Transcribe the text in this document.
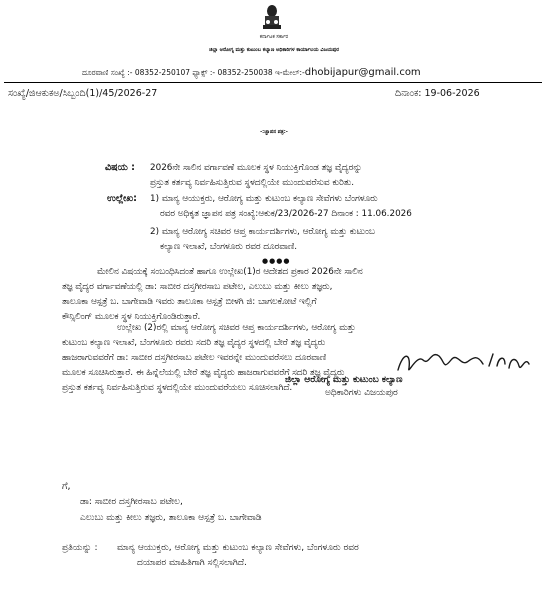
ಕರ್ನಾಟಕ ಸರ್ಕಾರ
ಜಿಲ್ಲಾ ಆರೋಗ್ಯ ಮತ್ತು ಕುಟುಂಬ ಕಲ್ಯಾಣ ಅಧಿಕಾರಿಗಳ ಕಾರ್ಯಾಲಯ ವಿಜಯಪುರ
ದೂರವಾಣಿ ಸಂಖ್ಯೆ :- 08352-250107 ಫ್ಯಾಕ್ಸ್ :- 08352-250038 ಇ-ಮೇಲ್:-dhobijapur@gmail.com
ಸಂಖ್ಯೆ/ಜಿಆಕುಕಅ/ಸಿಬ್ಬಂದಿ(1)/45/2026-27	ದಿನಾಂಕ: 19-06-2026
-:ಜ್ಞಾಪನ ಪತ್ರ:-
ವಿಷಯ : 2026ನೇ ಸಾಲಿನ ವರ್ಗಾವಣೆ ಮೂಲಕ ಸ್ಥಳ ನಿಯುಕ್ತಿಗೊಂಡ ತಜ್ಞ ವೈದ್ಯರನ್ನು
ಪ್ರಸ್ತುತ ಕರ್ತವ್ಯ ನಿರ್ವಹಿಸುತ್ತಿರುವ ಸ್ಥಳದಲ್ಲಿಯೇ ಮುಂದುವರೆಸುವ ಕುರಿತು.
ಉಲ್ಲೇಖ: 1) ಮಾನ್ಯ ಆಯುಕ್ತರು, ಆರೋಗ್ಯ ಮತ್ತು ಕುಟುಂಬ ಕಲ್ಯಾಣ ಸೇವೆಗಳು ಬೆಂಗಳೂರು
ರವರ ಅಧಿಕೃತ ಜ್ಞಾಪನ ಪತ್ರ ಸಂಖ್ಯೆ:ಆಕುಕ/23/2026-27 ದಿನಾಂಕ : 11.06.2026
2) ಮಾನ್ಯ ಆರೋಗ್ಯ ಸಚಿವರ ಆಪ್ತ ಕಾರ್ಯದರ್ಶಿಗಳು, ಆರೋಗ್ಯ ಮತ್ತು ಕುಟುಂಬ
ಕಲ್ಯಾಣ ಇಲಾಖೆ, ಬೆಂಗಳೂರು ರವರ ದೂರವಾಣಿ.
●●●●
ಮೇಲಿನ ವಿಷಯಕ್ಕೆ ಸಂಬಂಧಿಸಿದಂತೆ ಹಾಗೂ ಉಲ್ಲೇಖ(1)ರ ಆದೇಶದ ಪ್ರಕಾರ 2026ನೇ ಸಾಲಿನ
ತಜ್ಞ ವೈದ್ಯರ ವರ್ಗಾವಣೆಯಲ್ಲಿ ಡಾ: ಸಾಬೀರ ದಸ್ತಗೀರಸಾಬ ಪಟೇಲ, ಎಲುಬು ಮತ್ತು ಕೀಲು ತಜ್ಞರು,
ತಾಲೂಕಾ ಆಸ್ಪತ್ರೆ ಬ. ಬಾಗೇವಾಡಿ ಇವರು ತಾಲೂಕಾ ಆಸ್ಪತ್ರೆ ಬೀಳಗಿ ಜಿ: ಬಾಗಲಕೋಟೆ ಇಲ್ಲಿಗೆ
ಕೌನ್ಸಿಲಿಂಗ್ ಮೂಲಕ ಸ್ಥಳ ನಿಯುಕ್ತಿಗೊಂಡಿರುತ್ತಾರೆ.
ಉಲ್ಲೇಖ (2)ರಲ್ಲಿ ಮಾನ್ಯ ಆರೋಗ್ಯ ಸಚಿವರ ಆಪ್ತ ಕಾರ್ಯದರ್ಶಿಗಳು, ಆರೋಗ್ಯ ಮತ್ತು
ಕುಟುಂಬ ಕಲ್ಯಾಣ ಇಲಾಖೆ, ಬೆಂಗಳೂರು ರವರು ಸದರಿ ತಜ್ಞ ವೈದ್ಯರ ಸ್ಥಳದಲ್ಲಿ ಬೇರೆ ತಜ್ಞ ವೈದ್ಯರು
ಹಾಜರಾಗುವವರೆಗೆ ಡಾ: ಸಾಬೀರ ದಸ್ತಗೀರಸಾಬ ಪಟೇಲ ಇವರನ್ನೇ ಮುಂದುವರೆಸಲು ದೂರವಾಣಿ
ಮೂಲಕ ಸೂಚಿಸಿರುತ್ತಾರೆ. ಈ ಹಿನ್ನೆಲೆಯಲ್ಲಿ ಬೇರೆ ತಜ್ಞ ವೈದ್ಯರು ಹಾಜರಾಗುವವರೆಗೆ ಸದರಿ ತಜ್ಞ ವೈದ್ಯರು
ಪ್ರಸ್ತುತ ಕರ್ತವ್ಯ ನಿರ್ವಹಿಸುತ್ತಿರುವ ಸ್ಥಳದಲ್ಲಿಯೇ ಮುಂದುವರೆಯಲು ಸೂಚಿಸಲಾಗಿದೆ.
ಜಿಲ್ಲಾ ಆರೋಗ್ಯ ಮತ್ತು ಕುಟುಂಬ ಕಲ್ಯಾಣ
ಅಧಿಕಾರಿಗಳು ವಿಜಯಪುರ
ಗೆ,
ಡಾ: ಸಾಬೀರ ದಸ್ತಗೀರಸಾಬ ಪಟೇಲ,
ಎಲುಬು ಮತ್ತು ಕೀಲು ತಜ್ಞರು, ತಾಲೂಕಾ ಆಸ್ಪತ್ರೆ ಬ. ಬಾಗೇವಾಡಿ
ಪ್ರತಿಯನ್ನು : ಮಾನ್ಯ ಆಯುಕ್ತರು, ಆರೋಗ್ಯ ಮತ್ತು ಕುಟುಂಬ ಕಲ್ಯಾಣ ಸೇವೆಗಳು, ಬೆಂಗಳೂರು ರವರ
ದಯಾಪರ ಮಾಹಿತಿಗಾಗಿ ಸಲ್ಲಿಸಲಾಗಿದೆ.
